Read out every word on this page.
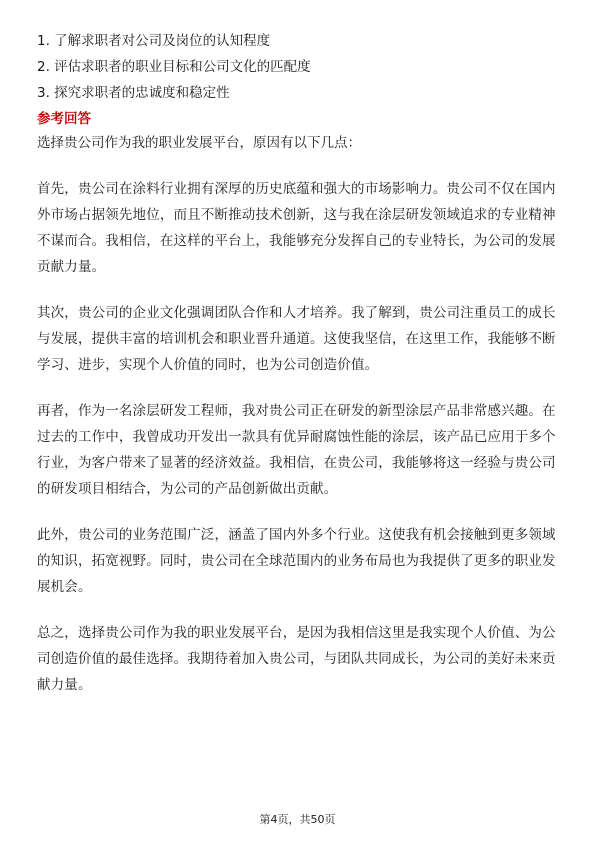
1. 了解求职者对公司及岗位的认知程度

2. 评估求职者的职业目标和公司文化的匹配度

3. 探究求职者的忠诚度和稳定性

参考回答

选择贵公司作为我的职业发展平台，原因有以下几点：

首先，贵公司在涂料行业拥有深厚的历史底蕴和强大的市场影响力。贵公司不仅在国内外市场占据领先地位，而且不断推动技术创新，这与我在涂层研发领域追求的专业精神不谋而合。我相信，在这样的平台上，我能够充分发挥自己的专业特长，为公司的发展贡献力量。

其次，贵公司的企业文化强调团队合作和人才培养。我了解到，贵公司注重员工的成长与发展，提供丰富的培训机会和职业晋升通道。这使我坚信，在这里工作，我能够不断学习、进步，实现个人价值的同时，也为公司创造价值。

再者，作为一名涂层研发工程师，我对贵公司正在研发的新型涂层产品非常感兴趣。在过去的工作中，我曾成功开发出一款具有优异耐腐蚀性能的涂层，该产品已应用于多个行业，为客户带来了显著的经济效益。我相信，在贵公司，我能够将这一经验与贵公司的研发项目相结合，为公司的产品创新做出贡献。

此外，贵公司的业务范围广泛，涵盖了国内外多个行业。这使我有机会接触到更多领域的知识，拓宽视野。同时，贵公司在全球范围内的业务布局也为我提供了更多的职业发展机会。

总之，选择贵公司作为我的职业发展平台，是因为我相信这里是我实现个人价值、为公司创造价值的最佳选择。我期待着加入贵公司，与团队共同成长，为公司的美好未来贡献力量。

第4页，共50页
